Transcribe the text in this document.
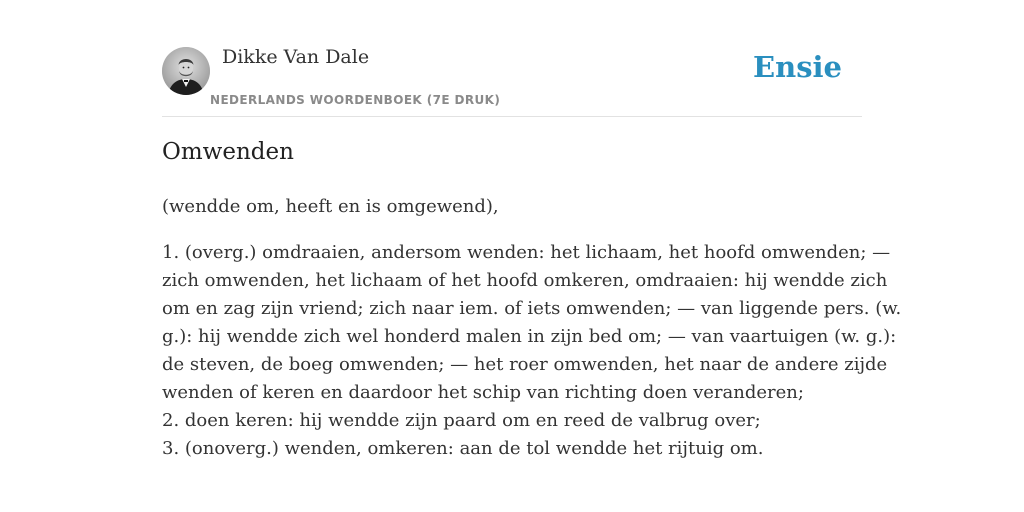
Dikke Van Dale
NEDERLANDS WOORDENBOEK (7E DRUK)
Ensie
Omwenden

(wendde om, heeft en is omgewend),

1. (overg.) omdraaien, andersom wenden: het lichaam, het hoofd omwenden; —
zich omwenden, het lichaam of het hoofd omkeren, omdraaien: hij wendde zich
om en zag zijn vriend; zich naar iem. of iets omwenden; — van liggende pers. (w.
g.): hij wendde zich wel honderd malen in zijn bed om; — van vaartuigen (w. g.):
de steven, de boeg omwenden; — het roer omwenden, het naar de andere zijde
wenden of keren en daardoor het schip van richting doen veranderen;
2. doen keren: hij wendde zijn paard om en reed de valbrug over;
3. (onoverg.) wenden, omkeren: aan de tol wendde het rijtuig om.
